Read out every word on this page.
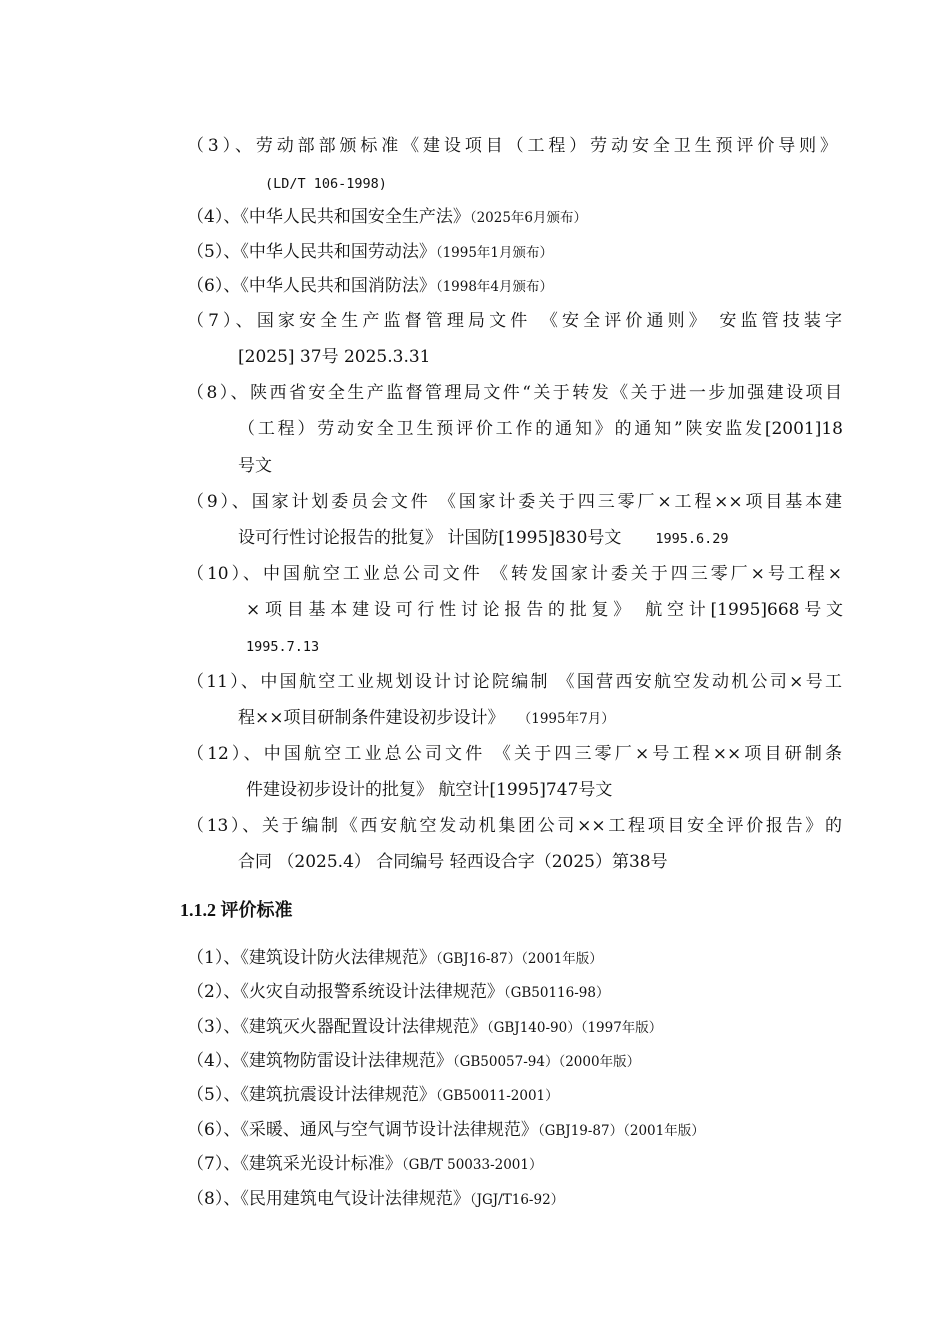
（3）、劳动部部颁标准《建设项目（工程）劳动安全卫生预评价导则》
(LD/T 106-1998)
（4）、《中华人民共和国安全生产法》（2025年6月颁布）
（5）、《中华人民共和国劳动法》（1995年1月颁布）
（6）、《中华人民共和国消防法》（1998年4月颁布）
（7）、国家安全生产监督管理局文件 《安全评价通则》 安监管技装字
[2025] 37号 2025.3.31
（8）、陕西省安全生产监督管理局文件“关于转发《关于进一步加强建设项目
（工程）劳动安全卫生预评价工作的通知》的通知”陕安监发[2001]18
号文
（9）、国家计划委员会文件 《国家计委关于四三零厂×工程××项目基本建
设可行性讨论报告的批复》 计国防[1995]830号文	1995.6.29
（10）、中国航空工业总公司文件 《转发国家计委关于四三零厂×号工程×
×项目基本建设可行性讨论报告的批复》 航空计[1995]668号文
1995.7.13
（11）、中国航空工业规划设计讨论院编制 《国营西安航空发动机公司×号工
程××项目研制条件建设初步设计》 （1995年7月）
（12）、中国航空工业总公司文件 《关于四三零厂×号工程××项目研制条
件建设初步设计的批复》 航空计[1995]747号文
（13）、关于编制《西安航空发动机集团公司××工程项目安全评价报告》的
合同 （2025.4） 合同编号 轻西设合字（2025）第38号
1.1.2 评价标准
（1）、《建筑设计防火法律规范》（GBJ16-87）（2001年版）
（2）、《火灾自动报警系统设计法律规范》（GB50116-98）
（3）、《建筑灭火器配置设计法律规范》（GBJ140-90）（1997年版）
（4）、《建筑物防雷设计法律规范》（GB50057-94）（2000年版）
（5）、《建筑抗震设计法律规范》（GB50011-2001）
（6）、《采暖、通风与空气调节设计法律规范》（GBJ19-87）（2001年版）
（7）、《建筑采光设计标准》（GB/T 50033-2001）
（8）、《民用建筑电气设计法律规范》（JGJ/T16-92）
